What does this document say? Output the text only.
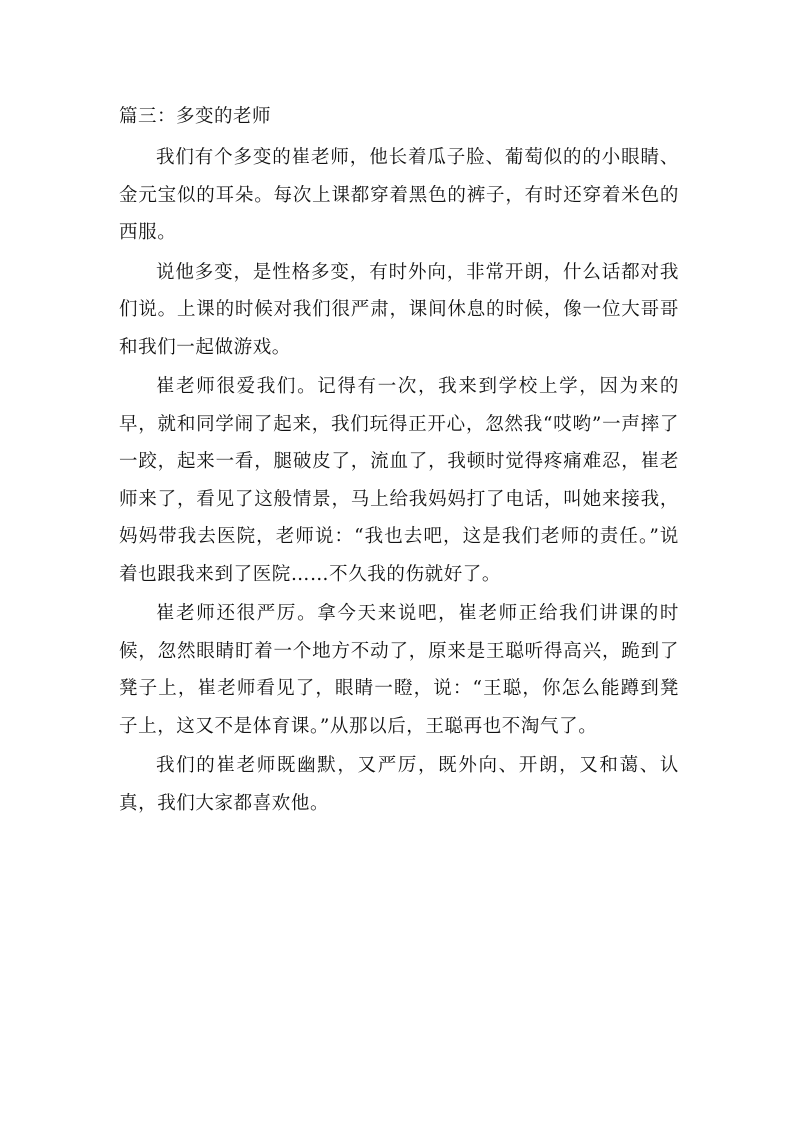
篇三：多变的老师

我们有个多变的崔老师，他长着瓜子脸、葡萄似的的小眼睛、金元宝似的耳朵。每次上课都穿着黑色的裤子，有时还穿着米色的西服。

说他多变，是性格多变，有时外向，非常开朗，什么话都对我们说。上课的时候对我们很严肃，课间休息的时候，像一位大哥哥和我们一起做游戏。

崔老师很爱我们。记得有一次，我来到学校上学，因为来的早，就和同学闹了起来，我们玩得正开心，忽然我“哎哟”一声摔了一跤，起来一看，腿破皮了，流血了，我顿时觉得疼痛难忍，崔老师来了，看见了这般情景，马上给我妈妈打了电话，叫她来接我，妈妈带我去医院，老师说：“我也去吧，这是我们老师的责任。”说着也跟我来到了医院……不久我的伤就好了。

崔老师还很严厉。拿今天来说吧，崔老师正给我们讲课的时候，忽然眼睛盯着一个地方不动了，原来是王聪听得高兴，跪到了凳子上，崔老师看见了，眼睛一瞪，说：“王聪，你怎么能蹲到凳子上，这又不是体育课。”从那以后，王聪再也不淘气了。

我们的崔老师既幽默，又严厉，既外向、开朗，又和蔼、认真，我们大家都喜欢他。
